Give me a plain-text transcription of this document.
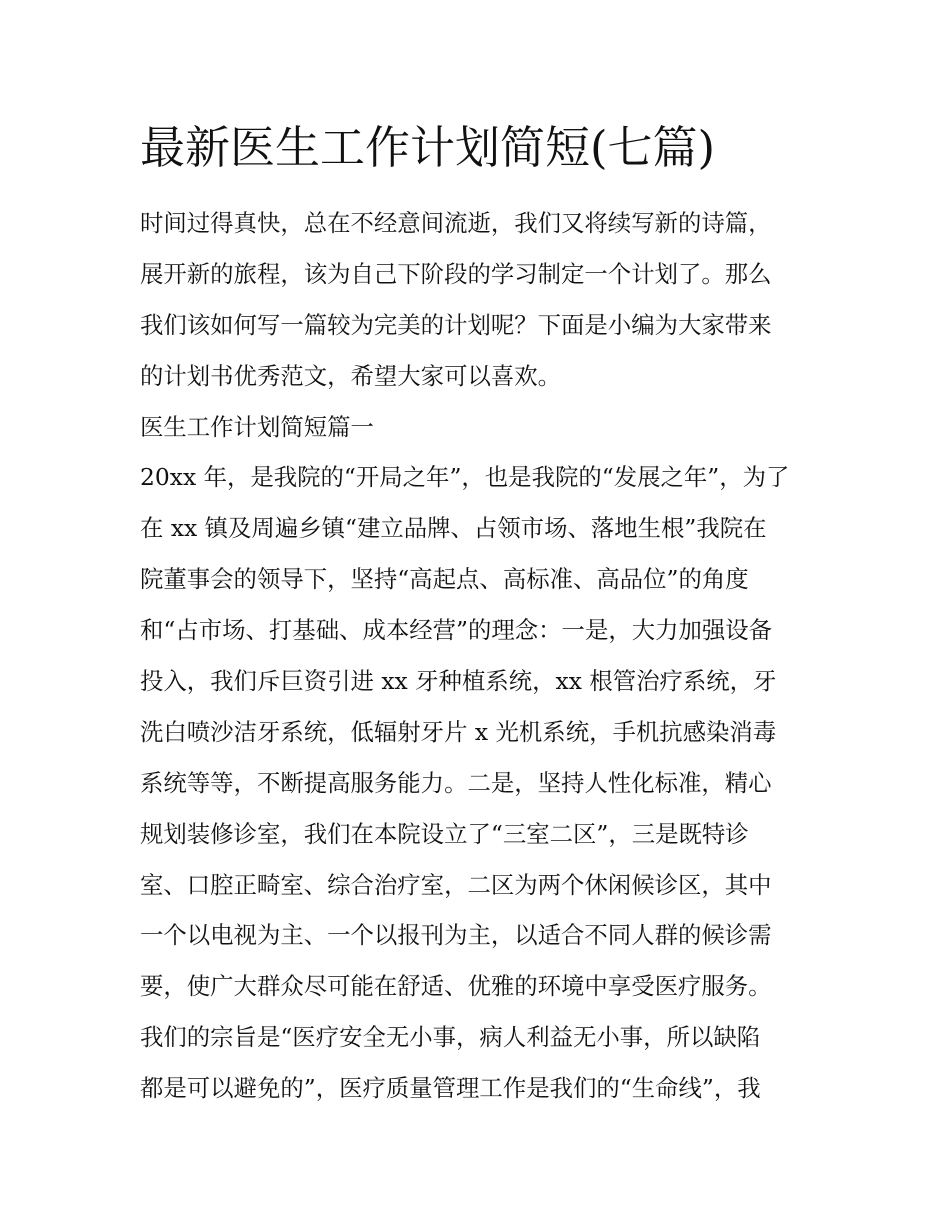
最新医生工作计划简短(七篇)
时间过得真快，总在不经意间流逝，我们又将续写新的诗篇，
展开新的旅程，该为自己下阶段的学习制定一个计划了。那么
我们该如何写一篇较为完美的计划呢？下面是小编为大家带来
的计划书优秀范文，希望大家可以喜欢。
医生工作计划简短篇一
20xx 年，是我院的“开局之年”，也是我院的“发展之年”，为了
在 xx 镇及周遍乡镇“建立品牌、占领市场、落地生根”我院在
院董事会的领导下，坚持“高起点、高标准、高品位”的角度
和“占市场、打基础、成本经营”的理念：一是，大力加强设备
投入，我们斥巨资引进 xx 牙种植系统，xx 根管治疗系统，牙
洗白喷沙洁牙系统，低辐射牙片 x 光机系统，手机抗感染消毒
系统等等，不断提高服务能力。二是，坚持人性化标准，精心
规划装修诊室，我们在本院设立了“三室二区”，三是既特诊
室、口腔正畸室、综合治疗室，二区为两个休闲候诊区，其中
一个以电视为主、一个以报刊为主，以适合不同人群的候诊需
要，使广大群众尽可能在舒适、优雅的环境中享受医疗服务。
我们的宗旨是“医疗安全无小事，病人利益无小事，所以缺陷
都是可以避免的”，医疗质量管理工作是我们的“生命线”，我
